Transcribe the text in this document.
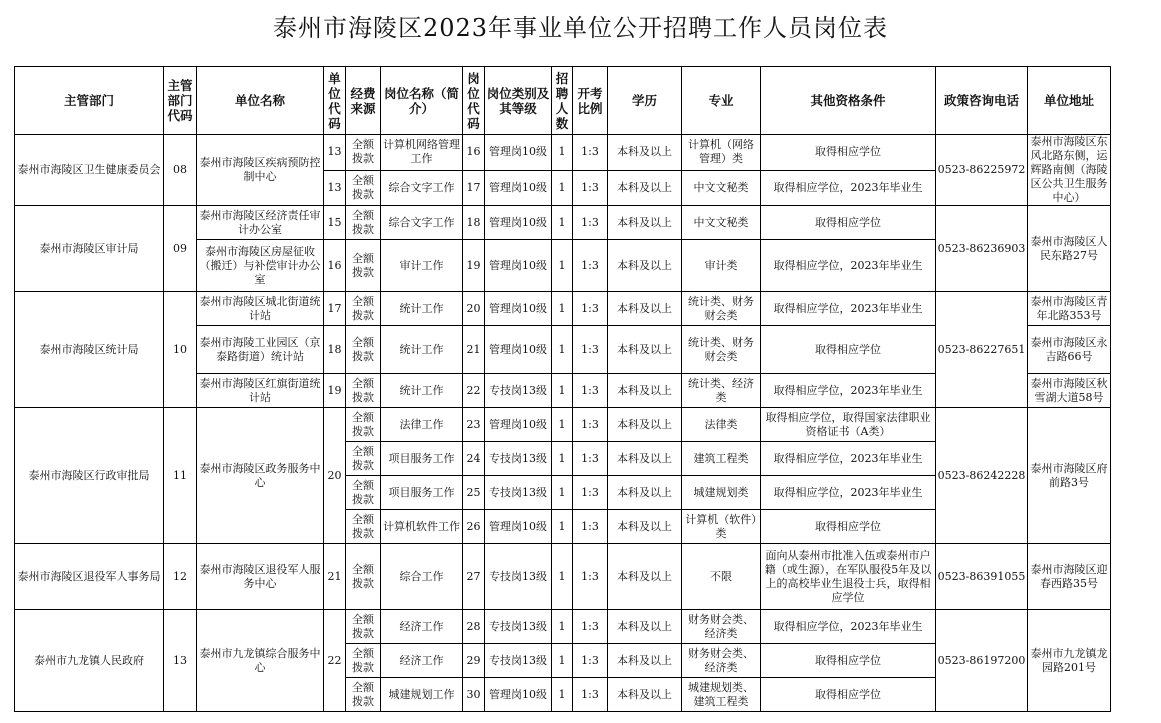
泰州市海陵区2023年事业单位公开招聘工作人员岗位表
主管部门	主管部门代码	单位名称	单位代码	经费来源	岗位名称（简介）	岗位代码	岗位类别及其等级	招聘人数	开考比例	学历	专业	其他资格条件	政策咨询电话	单位地址
泰州市海陵区卫生健康委员会	08	泰州市海陵区疾病预防控制中心	13	全额拨款	计算机网络管理工作	16	管理岗10级	1	1:3	本科及以上	计算机（网络管理）类	取得相应学位	0523-86225972	泰州市海陵区东风北路东侧，运辉路南侧（海陵区公共卫生服务中心）
			13	全额拨款	综合文字工作	17	管理岗10级	1	1:3	本科及以上	中文文秘类	取得相应学位，2023年毕业生		
泰州市海陵区审计局	09	泰州市海陵区经济责任审计办公室	15	全额拨款	综合文字工作	18	管理岗10级	1	1:3	本科及以上	中文文秘类	取得相应学位	0523-86236903	泰州市海陵区人民东路27号
		泰州市海陵区房屋征收（搬迁）与补偿审计办公室	16	全额拨款	审计工作	19	管理岗10级	1	1:3	本科及以上	审计类	取得相应学位，2023年毕业生		
泰州市海陵区统计局	10	泰州市海陵区城北街道统计站	17	全额拨款	统计工作	20	管理岗10级	1	1:3	本科及以上	统计类、财务财会类	取得相应学位，2023年毕业生	0523-86227651	泰州市海陵区青年北路353号
		泰州市海陵工业园区（京泰路街道）统计站	18	全额拨款	统计工作	21	管理岗10级	1	1:3	本科及以上	统计类、财务财会类	取得相应学位		泰州市海陵区永吉路66号
		泰州市海陵区红旗街道统计站	19	全额拨款	统计工作	22	专技岗13级	1	1:3	本科及以上	统计类、经济类	取得相应学位，2023年毕业生		泰州市海陵区秋雪湖大道58号
泰州市海陵区行政审批局	11	泰州市海陵区政务服务中心	20	全额拨款	法律工作	23	管理岗10级	1	1:3	本科及以上	法律类	取得相应学位，取得国家法律职业资格证书（A类）	0523-86242228	泰州市海陵区府前路3号
				全额拨款	项目服务工作	24	专技岗13级	1	1:3	本科及以上	建筑工程类	取得相应学位，2023年毕业生		
				全额拨款	项目服务工作	25	专技岗13级	1	1:3	本科及以上	城建规划类	取得相应学位，2023年毕业生		
				全额拨款	计算机软件工作	26	管理岗10级	1	1:3	本科及以上	计算机（软件）类	取得相应学位		
泰州市海陵区退役军人事务局	12	泰州市海陵区退役军人服务中心	21	全额拨款	综合工作	27	专技岗13级	1	1:3	本科及以上	不限	面向从泰州市批准入伍或泰州市户籍（或生源），在军队服役5年及以上的高校毕业生退役士兵，取得相应学位	0523-86391055	泰州市海陵区迎春西路35号
泰州市九龙镇人民政府	13	泰州市九龙镇综合服务中心	22	全额拨款	经济工作	28	专技岗13级	1	1:3	本科及以上	财务财会类、经济类	取得相应学位，2023年毕业生	0523-86197200	泰州市九龙镇龙园路201号
				全额拨款	经济工作	29	专技岗13级	1	1:3	本科及以上	财务财会类、经济类	取得相应学位		
				全额拨款	城建规划工作	30	管理岗10级	1	1:3	本科及以上	城建规划类、建筑工程类	取得相应学位		
